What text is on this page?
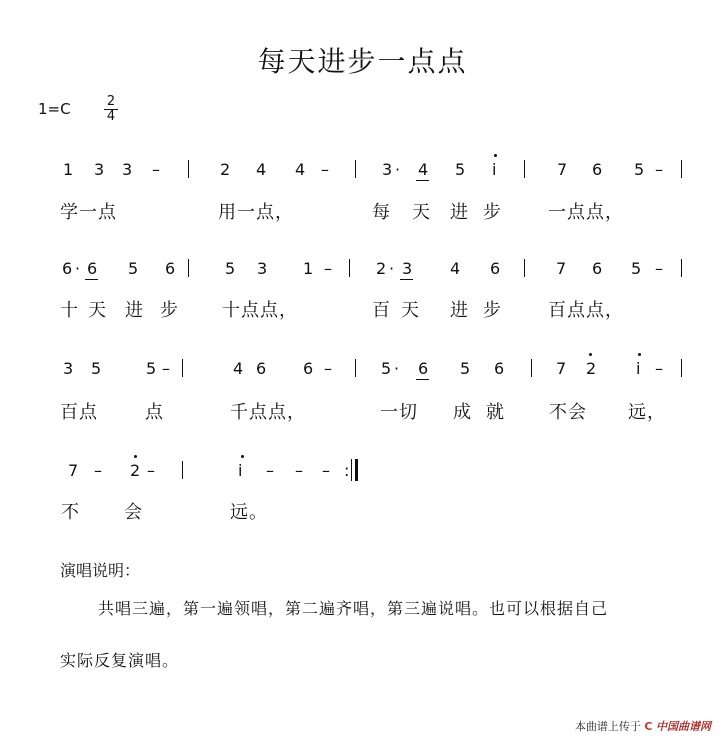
每天进步一点点
1=C	2
4
1 3 3 –	2 4 4 –	3 · 4 5 i	7 6 5 –
学一点	用一点，	每 天 进 步	一点点，
6 · 6 5 6	5 3 1 –	2 · 3 4 6	7 6 5 –
十 天 进 步 十点点，	百 天 进 步	百点点，
3 5	5 –	4 6 6 –	5 · 6 5 6	7 2 i –
百点	点	千点点，	一切 成 就 不会 远，
7 – 2 –	i – – – :
不 会	远。
演唱说明：
共唱三遍，第一遍领唱，第二遍齐唱，第三遍说唱。也可以根据自己
实际反复演唱。
本曲谱上传于 C 中国曲谱网
